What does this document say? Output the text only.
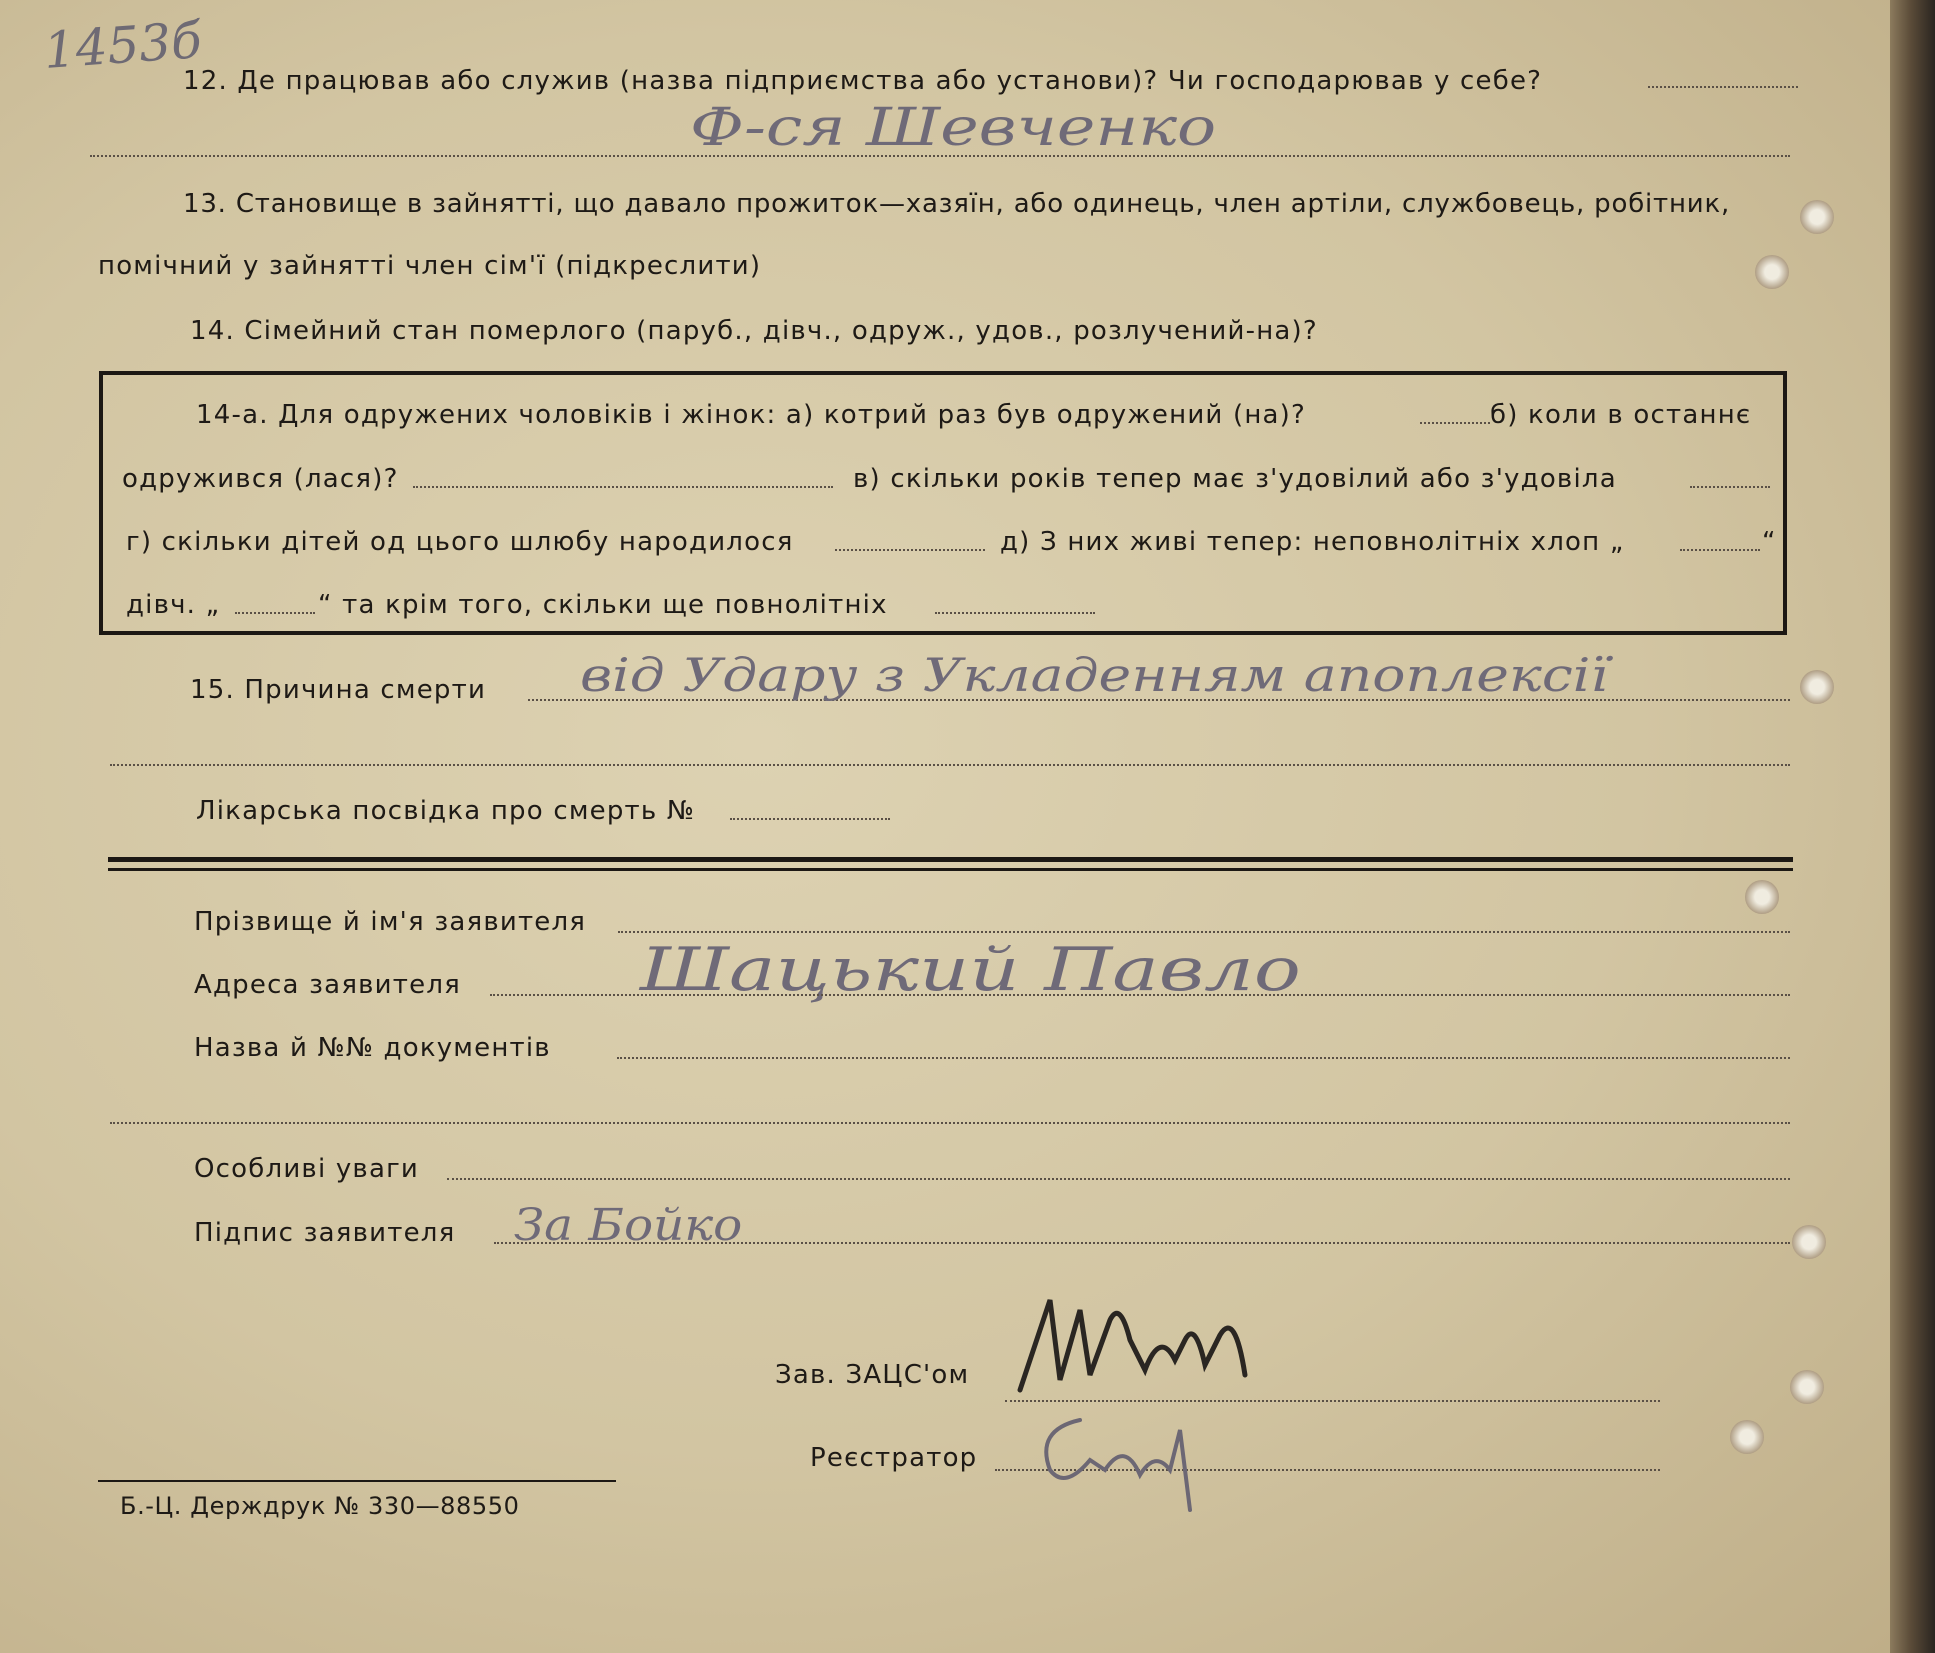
1453б
12. Де працював або служив (назва підприємства або установи)? Чи господарював у себе?
Ф-ся Шевченко
13. Становище в зайнятті, що давало прожиток—хазяїн, або одинець, член артіли, службовець, робітник,
помічний у зайнятті член сім'ї (підкреслити)
14. Сімейний стан померлого (паруб., дівч., одруж., удов., розлучений-на)?
14-а. Для одружених чоловіків і жінок: а) котрий раз був одружений (на)?	б) коли в останнє
одружився (лася)?	в) скільки років тепер має з'удовілий або з'удовіла
г) скільки дітей од цього шлюбу народилося	д) З них живі тепер: неповнолітніх хлоп „	“
дівч. „	“ та крім того, скільки ще повнолітніх
15. Причина смерти від Удару з Укладенням апоплексії
Лікарська посвідка про смерть №
Прізвище й ім'я заявителя
Шацький Павло
Адреса заявителя
Назва й №№ документів
Особливі уваги
Підпис заявителя За Бойко
Зав. ЗАЦС'ом
Реєстратор
Б.-Ц. Держдрук № 330—88550
